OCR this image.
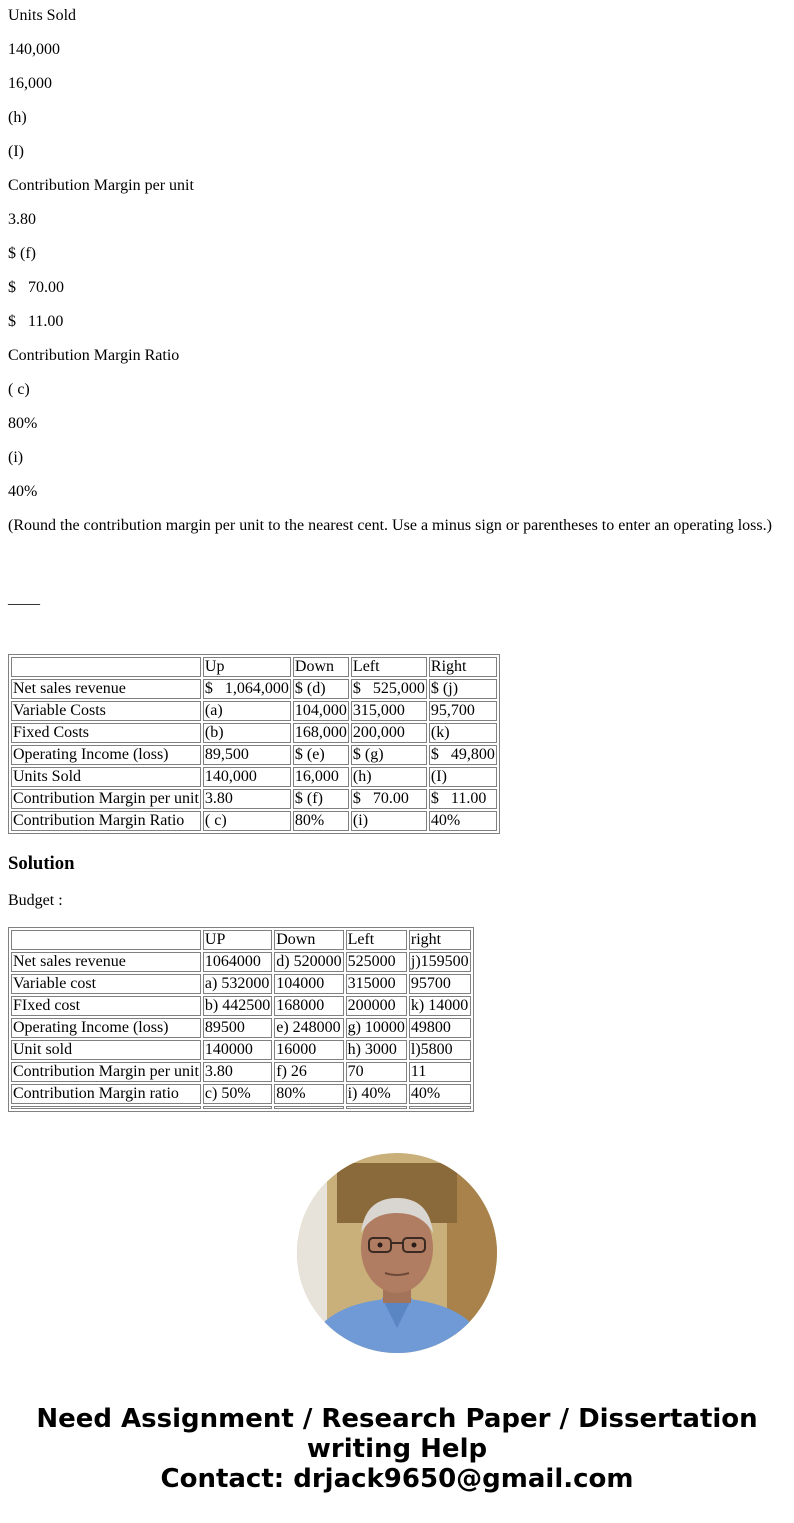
Units Sold

140,000

16,000

(h)

(I)

Contribution Margin per unit

3.80

$ (f)

$   70.00

$   11.00

Contribution Margin Ratio

( c)

80%

(i)

40%

(Round the contribution margin per unit to the nearest cent. Use a minus sign or parentheses to enter an operating loss.)

____
	Up	Down	Left	Right
Net sales revenue	$   1,064,000	$ (d)	$   525,000	$ (j)
Variable Costs	(a)	104,000	315,000	95,700
Fixed Costs	(b)	168,000	200,000	(k)
Operating Income (loss)	89,500	$ (e)	$ (g)	$   49,800
Units Sold	140,000	16,000	(h)	(I)
Contribution Margin per unit	3.80	$ (f)	$   70.00	$   11.00
Contribution Margin Ratio	( c)	80%	(i)	40%
Solution

Budget :

	UP	Down	Left	right
Net sales revenue	1064000	d) 520000	525000	j)159500
Variable cost	a) 532000	104000	315000	95700
FIxed cost	b) 442500	168000	200000	k) 14000
Operating Income (loss)	89500	e) 248000	g) 10000	49800
Unit sold	140000	16000	h) 3000	l)5800
Contribution Margin per unit	3.80	f) 26	70	11
Contribution Margin ratio	c) 50%	80%	i) 40%	40%

Need Assignment / Research Paper / Dissertation
writing Help
Contact: drjack9650@gmail.com
